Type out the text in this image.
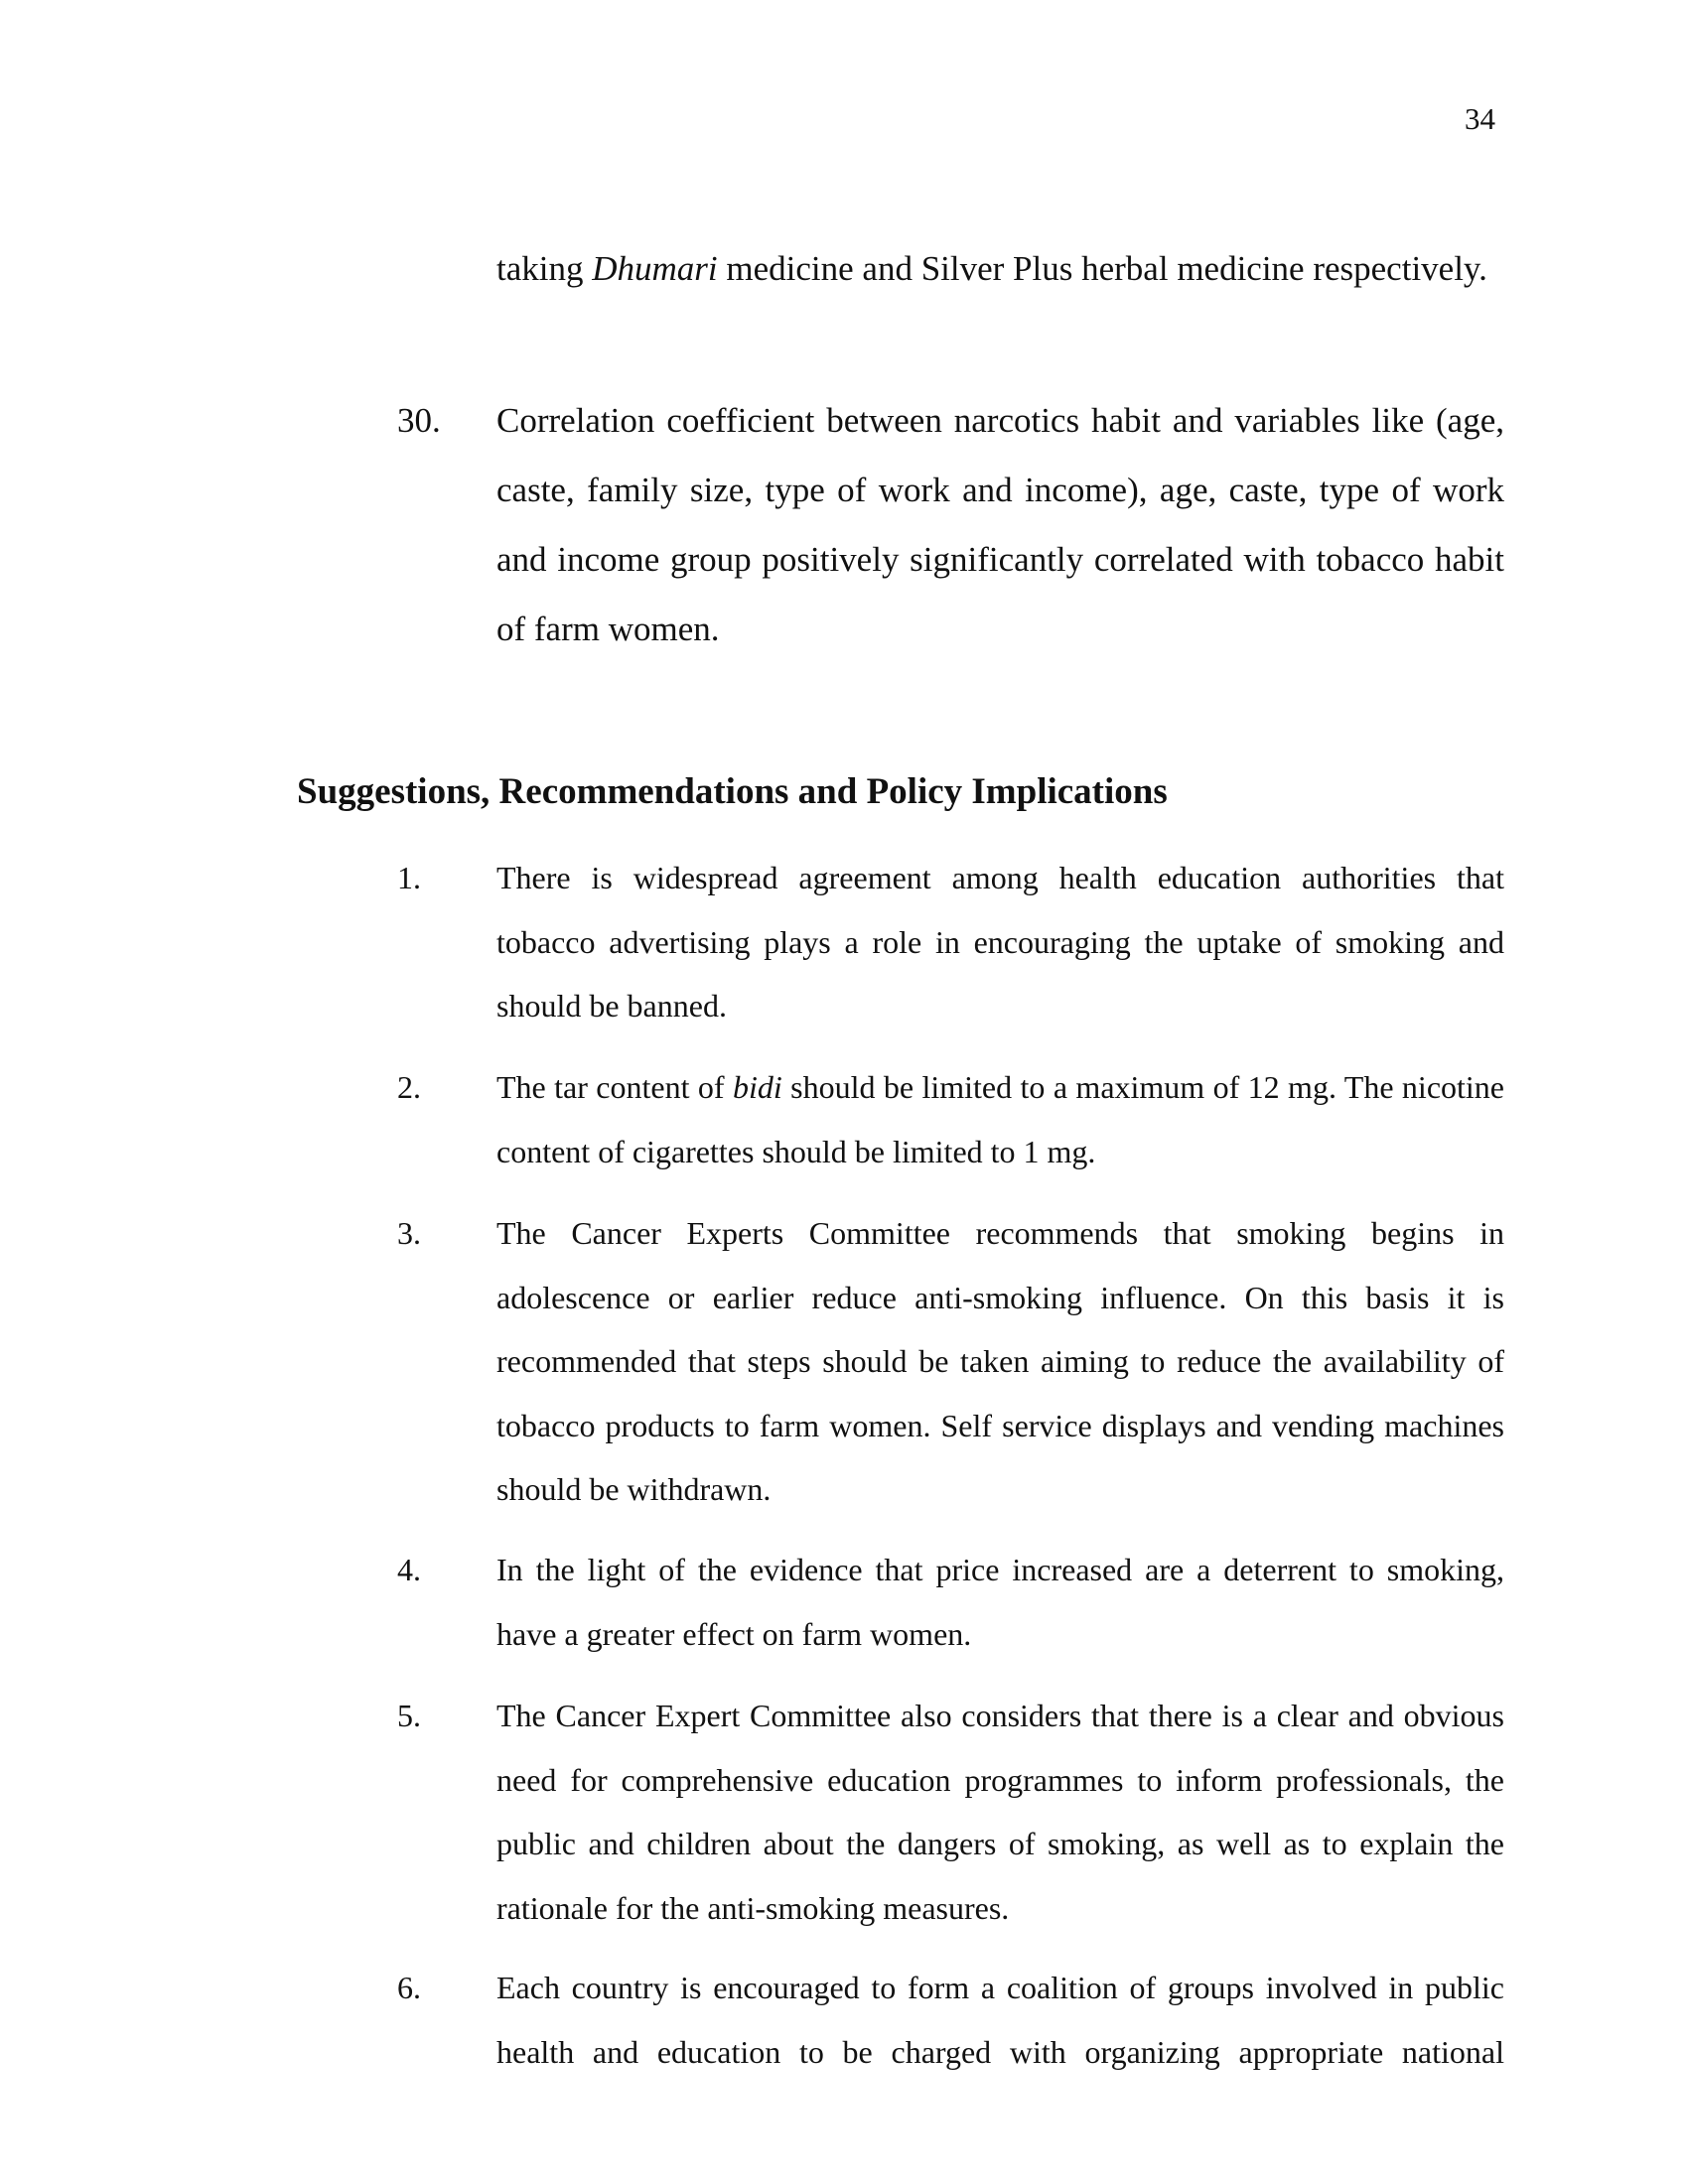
34

taking Dhumari medicine and Silver Plus herbal medicine respectively.

30. Correlation coefficient between narcotics habit and variables like (age, caste, family size, type of work and income), age, caste, type of work and income group positively significantly correlated with tobacco habit of farm women.

Suggestions, Recommendations and Policy Implications
1. There is widespread agreement among health education authorities that tobacco advertising plays a role in encouraging the uptake of smoking and should be banned.

2. The tar content of bidi should be limited to a maximum of 12 mg. The nicotine content of cigarettes should be limited to 1 mg.

3. The Cancer Experts Committee recommends that smoking begins in adolescence or earlier reduce anti-smoking influence. On this basis it is recommended that steps should be taken aiming to reduce the availability of tobacco products to farm women. Self service displays and vending machines should be withdrawn.

4. In the light of the evidence that price increased are a deterrent to smoking, have a greater effect on farm women.

5. The Cancer Expert Committee also considers that there is a clear and obvious need for comprehensive education programmes to inform professionals, the public and children about the dangers of smoking, as well as to explain the rationale for the anti-smoking measures.

6. Each country is encouraged to form a coalition of groups involved in public health and education to be charged with organizing appropriate national
